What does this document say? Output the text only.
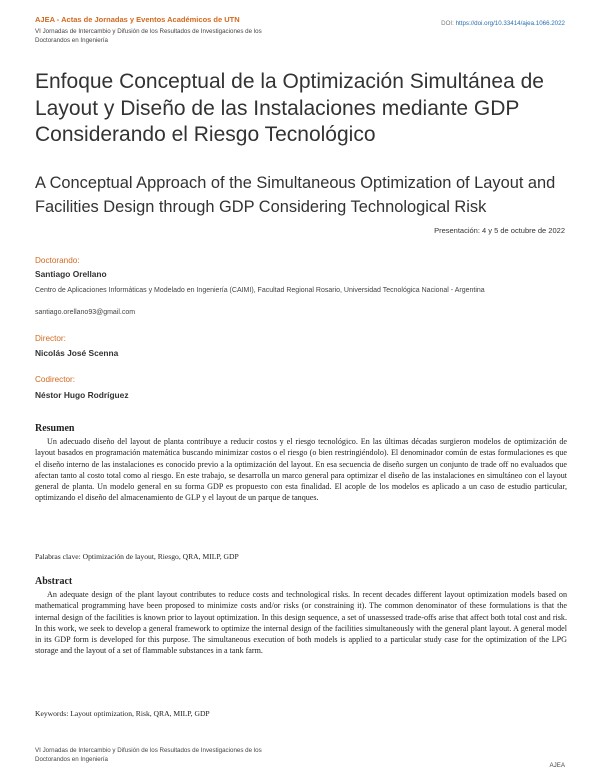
AJEA - Actas de Jornadas y Eventos Académicos de UTN
VI Jornadas de Intercambio y Difusión de los Resultados de Investigaciones de los Doctorandos en Ingeniería
DOI: https://doi.org/10.33414/ajea.1066.2022
Enfoque Conceptual de la Optimización Simultánea de Layout y Diseño de las Instalaciones mediante GDP Considerando el Riesgo Tecnológico
A Conceptual Approach of the Simultaneous Optimization of Layout and Facilities Design through GDP Considering Technological Risk
Presentación: 4 y 5 de octubre de 2022
Doctorando:
Santiago Orellano
Centro de Aplicaciones Informáticas y Modelado en Ingeniería (CAIMI), Facultad Regional Rosario, Universidad Tecnológica Nacional - Argentina
santiago.orellano93@gmail.com
Director:
Nicolás José Scenna
Codirector:
Néstor Hugo Rodríguez
Resumen

Un adecuado diseño del layout de planta contribuye a reducir costos y el riesgo tecnológico. En las últimas décadas surgieron modelos de optimización de layout basados en programación matemática buscando minimizar costos o el riesgo (o bien restringiéndolo). El denominador común de estas formulaciones es que el diseño interno de las instalaciones es conocido previo a la optimización del layout. En esa secuencia de diseño surgen un conjunto de trade off no evaluados que afectan tanto al costo total como al riesgo. En este trabajo, se desarrolla un marco general para optimizar el diseño de las instalaciones en simultáneo con el layout general de planta. Un modelo general en su forma GDP es propuesto con esta finalidad. El acople de los modelos es aplicado a un caso de estudio particular, optimizando el diseño del almacenamiento de GLP y el layout de un parque de tanques.

Palabras clave: Optimización de layout, Riesgo, QRA, MILP, GDP
Abstract

An adequate design of the plant layout contributes to reduce costs and technological risks. In recent decades different layout optimization models based on mathematical programming have been proposed to minimize costs and/or risks (or constraining it). The common denominator of these formulations is that the internal design of the facilities is known prior to layout optimization. In this design sequence, a set of unassessed trade-offs arise that affect both total cost and risk. In this work, we seek to develop a general framework to optimize the internal design of the facilities simultaneously with the general plant layout. A general model in its GDP form is developed for this purpose. The simultaneous execution of both models is applied to a particular study case for the optimization of the LPG storage and the layout of a set of flammable substances in a tank farm.

Keywords: Layout optimization, Risk, QRA, MILP, GDP
VI Jornadas de Intercambio y Difusión de los Resultados de Investigaciones de los Doctorandos en Ingeniería
AJEA
